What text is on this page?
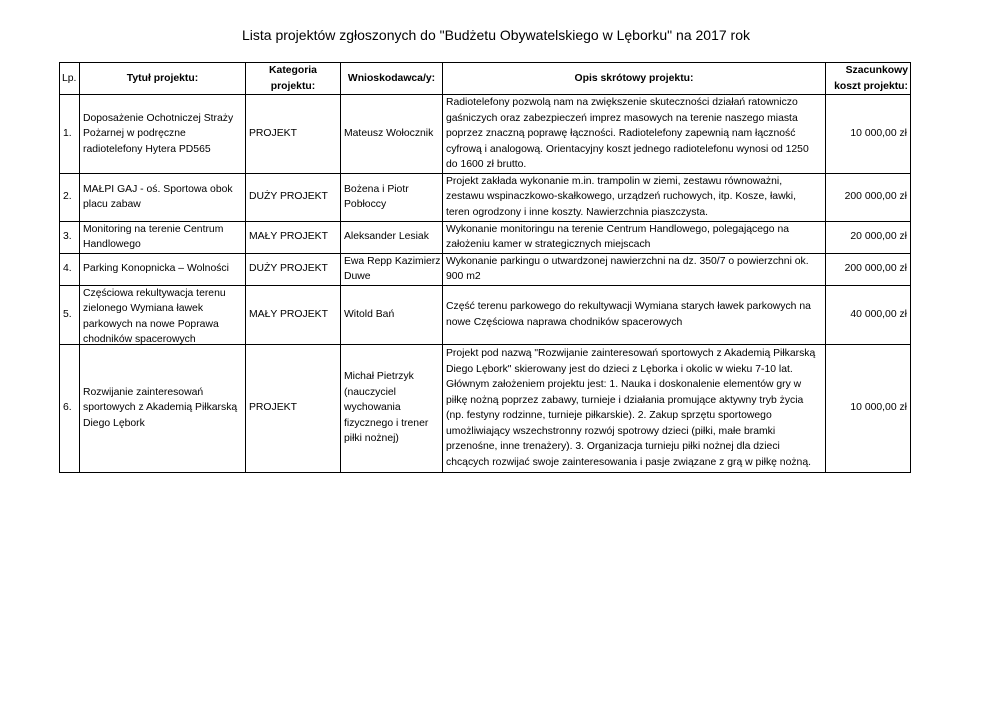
Lista projektów zgłoszonych do "Budżetu Obywatelskiego w Lęborku" na 2017 rok
Lp.	Tytuł projektu:	Kategoria projektu:	Wnioskodawca/y:	Opis skrótowy projektu:	Szacunkowy koszt projektu:

1.	Doposażenie Ochotniczej Straży Pożarnej w podręczne radiotelefony Hytera PD565	PROJEKT	Mateusz Wołocznik	Radiotelefony pozwolą nam na zwiększenie skuteczności działań ratowniczo gaśniczych oraz zabezpieczeń imprez masowych na terenie naszego miasta poprzez znaczną poprawę łączności. Radiotelefony zapewnią nam łączność cyfrową i analogową. Orientacyjny koszt jednego radiotelefonu wynosi od 1250 do 1600 zł brutto.	10 000,00 zł
2.	MAŁPI GAJ - oś. Sportowa obok placu zabaw	DUŻY PROJEKT	Bożena i Piotr Pobłoccy	Projekt zakłada wykonanie m.in. trampolin w ziemi, zestawu równoważni, zestawu wspinaczkowo-skałkowego, urządzeń ruchowych, itp. Kosze, ławki, teren ogrodzony i inne koszty. Nawierzchnia piaszczysta.	200 000,00 zł
3.	Monitoring na terenie Centrum Handlowego	MAŁY PROJEKT	Aleksander Lesiak	Wykonanie monitoringu na terenie Centrum Handlowego, polegającego na założeniu kamer w strategicznych miejscach	20 000,00 zł
4.	Parking Konopnicka – Wolności	DUŻY PROJEKT	Ewa Repp Kazimierz Duwe	Wykonanie parkingu o utwardzonej nawierzchni na dz. 350/7 o powierzchni ok. 900 m2	200 000,00 zł
5.	Częściowa rekultywacja terenu zielonego Wymiana ławek parkowych na nowe Poprawa chodników spacerowych	MAŁY PROJEKT	Witold Bań	Część terenu parkowego do rekultywacji Wymiana starych ławek parkowych na nowe Częściowa naprawa chodników spacerowych	40 000,00 zł
6.	Rozwijanie zainteresowań sportowych z Akademią Piłkarską Diego Lębork	PROJEKT	Michał Pietrzyk (nauczyciel wychowania fizycznego i trener piłki nożnej)	Projekt pod nazwą "Rozwijanie zainteresowań sportowych z Akademią Piłkarską Diego Lębork" skierowany jest do dzieci z Lęborka i okolic w wieku 7-10 lat. Głównym założeniem projektu jest: 1. Nauka i doskonalenie elementów gry w piłkę nożną poprzez zabawy, turnieje i działania promujące aktywny tryb życia (np. festyny rodzinne, turnieje piłkarskie). 2. Zakup sprzętu sportowego umożliwiający wszechstronny rozwój spotrowy dzieci (piłki, małe bramki przenośne, inne trenażery). 3. Organizacja turnieju piłki nożnej dla dzieci chcących rozwijać swoje zainteresowania i pasje związane z grą w piłkę nożną.	10 000,00 zł
